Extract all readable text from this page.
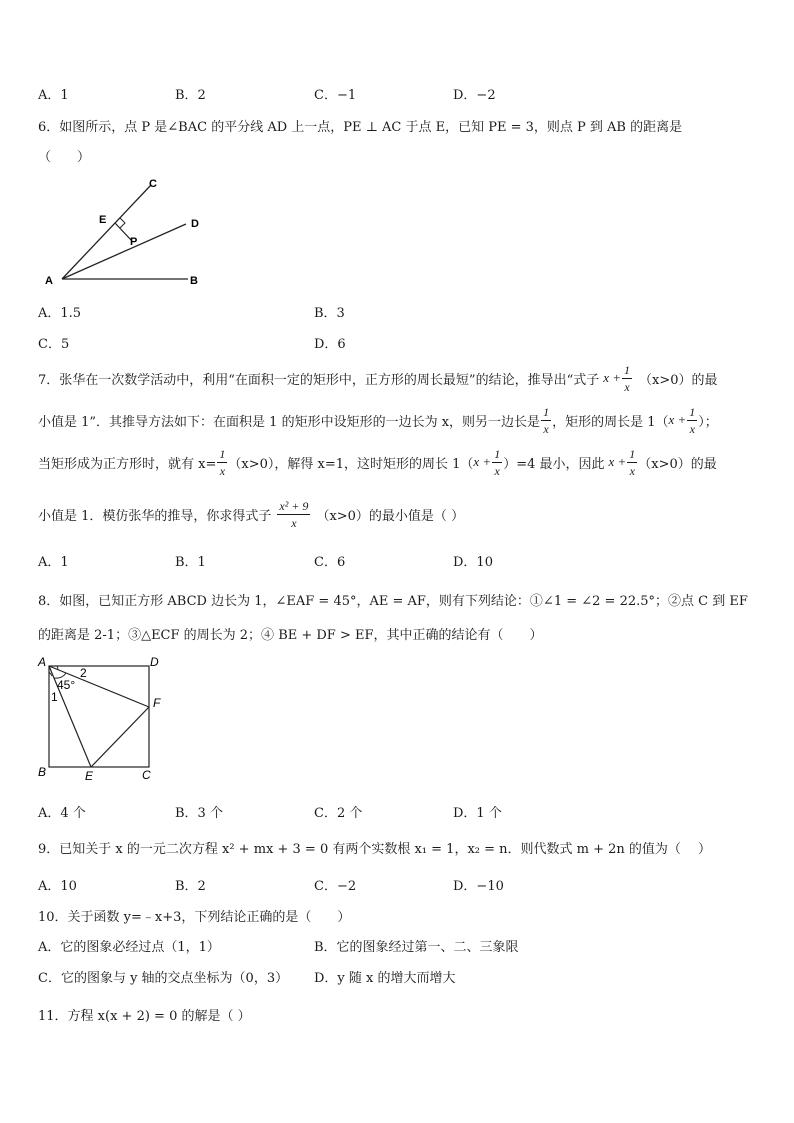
A．1	B．2	C．−1	D．−2
6．如图所示，点 P 是∠BAC 的平分线 AD 上一点，PE ⊥ AC 于点 E，已知 PE = 3，则点 P 到 AB 的距离是
（　　）
A	B
C
D
E
P
A．1.5	B．3
C．5	D．6
7．张华在一次数学活动中，利用“在面积一定的矩形中，正方形的周长最短”的结论，推导出“式子 $x + \frac{1}{x} (x>0)$的最
小值是 1”．其推导方法如下：在面积是 1 的矩形中设矩形的一边长为 x，则另一边长是 $\frac{1}{x}$ ，矩形的周长是 1（ $x + \frac{1}{x}$ ）；
当矩形成为正方形时，就有 $x= \frac{1}{x} (x>0)$，解得 x=1，这时矩形的周长 1（ $x + \frac{1}{x} )=4$ 最小，因此 $x + \frac{1}{x} (x>0)$的最
小值是 1．模仿张华的推导，你求得式子 $\frac{\text{x² + 9}}{x} (x>0)$的最小值是（ ）
A．1	B．1	C．6	D．10
8．如图，已知正方形 ABCD 边长为 1，∠EAF = 45°，AE = AF，则有下列结论：①∠1 = ∠2 = 22.5°；②点 C 到 EF
的距离是 2-1；③△ECF 的周长为 2；④ BE + DF > EF，其中正确的结论有（　　）
A	D
B	C
E
F
1
2
45°
A．4 个	B．3 个	C．2 个	D．1 个
9．已知关于 x 的一元二次方程 x² + mx + 3 = 0 有两个实数根 x₁ = 1，x₂ = n．则代数式 m + 2n 的值为（　 ）
A．10	B．2	C．−2	D．−10
10．关于函数 y=﹣x+3，下列结论正确的是（　　）
A．它的图象必经过点（1，1）	B．它的图象经过第一、二、三象限
C．它的图象与 y 轴的交点坐标为（0，3） D．y 随 x 的增大而增大
11．方程 x(x + 2) = 0 的解是（ ）
